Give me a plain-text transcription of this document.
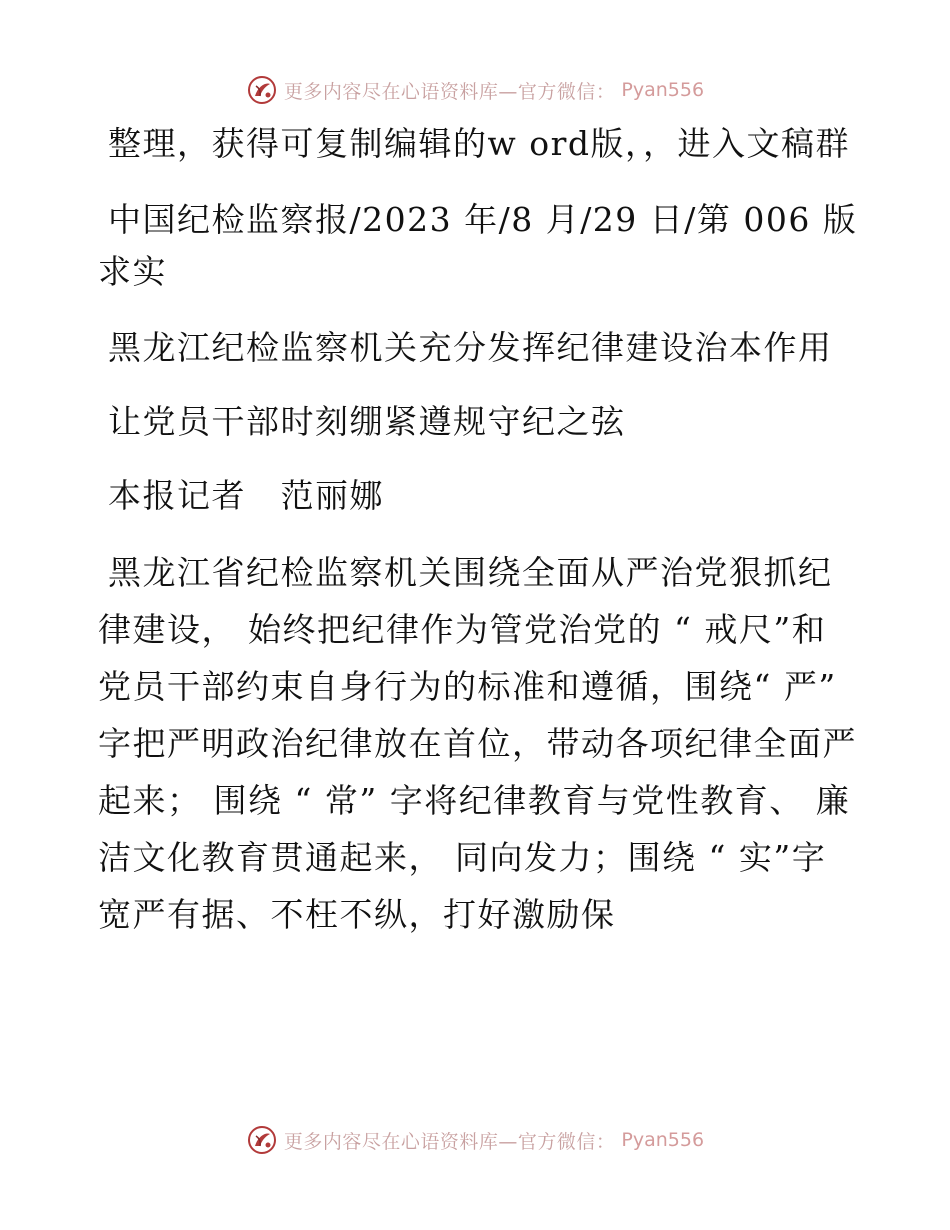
更多内容尽在心语资料库—官方微信： Pyan556

整理，获得可复制编辑的w ord版，，进入文稿群

中国纪检监察报/2023 年/8 月/29 日/第 006 版求实

黑龙江纪检监察机关充分发挥纪律建设治本作用

让党员干部时刻绷紧遵规守纪之弦

本报记者　范丽娜

黑龙江省纪检监察机关围绕全面从严治党狠抓纪律建设， 始终把纪律作为管党治党的 “ 戒尺”和党员干部约束自身行为的标准和遵循，围绕“ 严” 字把严明政治纪律放在首位，带动各项纪律全面严起来； 围绕 “ 常” 字将纪律教育与党性教育、 廉洁文化教育贯通起来， 同向发力；围绕 “ 实”字宽严有据、不枉不纵，打好激励保

更多内容尽在心语资料库—官方微信： Pyan556
